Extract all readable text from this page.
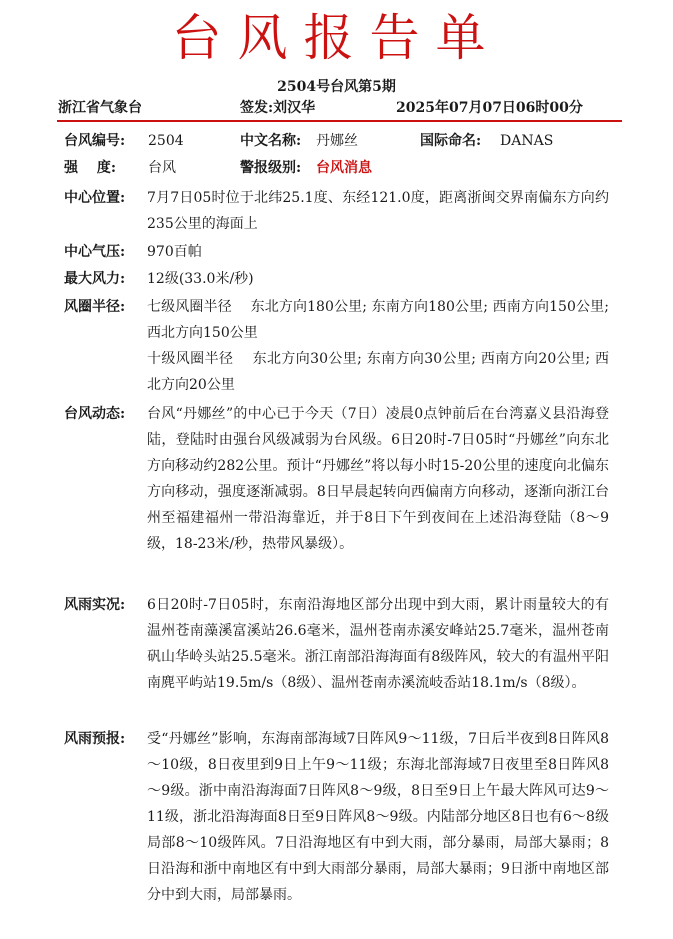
台风报告单
2504号台风第5期
浙江省气象台	签发:刘汉华	2025年07月07日06时00分
台风编号: 2504	中文名称: 丹娜丝	国际命名: DANAS
强　 度: 台风	警报级别: 台风消息
中心位置: 7月7日05时位于北纬25.1度、东经121.0度，距离浙闽交界南偏东方向约235公里的海面上
中心气压: 970百帕
最大风力: 12级(33.0米/秒)
风圈半径: 七级风圈半径　 东北方向180公里; 东南方向180公里; 西南方向150公里; 西北方向150公里
十级风圈半径　 东北方向30公里; 东南方向30公里; 西南方向20公里; 西北方向20公里
台风动态: 台风“丹娜丝”的中心已于今天（7日）凌晨0点钟前后在台湾嘉义县沿海登陆，登陆时由强台风级减弱为台风级。6日20时-7日05时“丹娜丝”向东北方向移动约282公里。预计“丹娜丝”将以每小时15-20公里的速度向北偏东方向移动，强度逐渐减弱。8日早晨起转向西偏南方向移动，逐渐向浙江台州至福建福州一带沿海靠近，并于8日下午到夜间在上述沿海登陆（8～9级，18-23米/秒，热带风暴级）。
风雨实况: 6日20时-7日05时，东南沿海地区部分出现中到大雨，累计雨量较大的有温州苍南藻溪富溪站26.6毫米，温州苍南赤溪安峰站25.7毫米，温州苍南矾山华岭头站25.5毫米。浙江南部沿海海面有8级阵风，较大的有温州平阳南麂平屿站19.5m/s（8级）、温州苍南赤溪流岐岙站18.1m/s（8级）。
风雨预报: 受“丹娜丝”影响，东海南部海域7日阵风9～11级，7日后半夜到8日阵风8～10级，8日夜里到9日上午9～11级；东海北部海域7日夜里至8日阵风8～9级。浙中南沿海海面7日阵风8～9级，8日至9日上午最大阵风可达9～11级，浙北沿海海面8日至9日阵风8～9级。内陆部分地区8日也有6～8级局部8～10级阵风。7日沿海地区有中到大雨，部分暴雨，局部大暴雨；8日沿海和浙中南地区有中到大雨部分暴雨，局部大暴雨；9日浙中南地区部分中到大雨，局部暴雨。
